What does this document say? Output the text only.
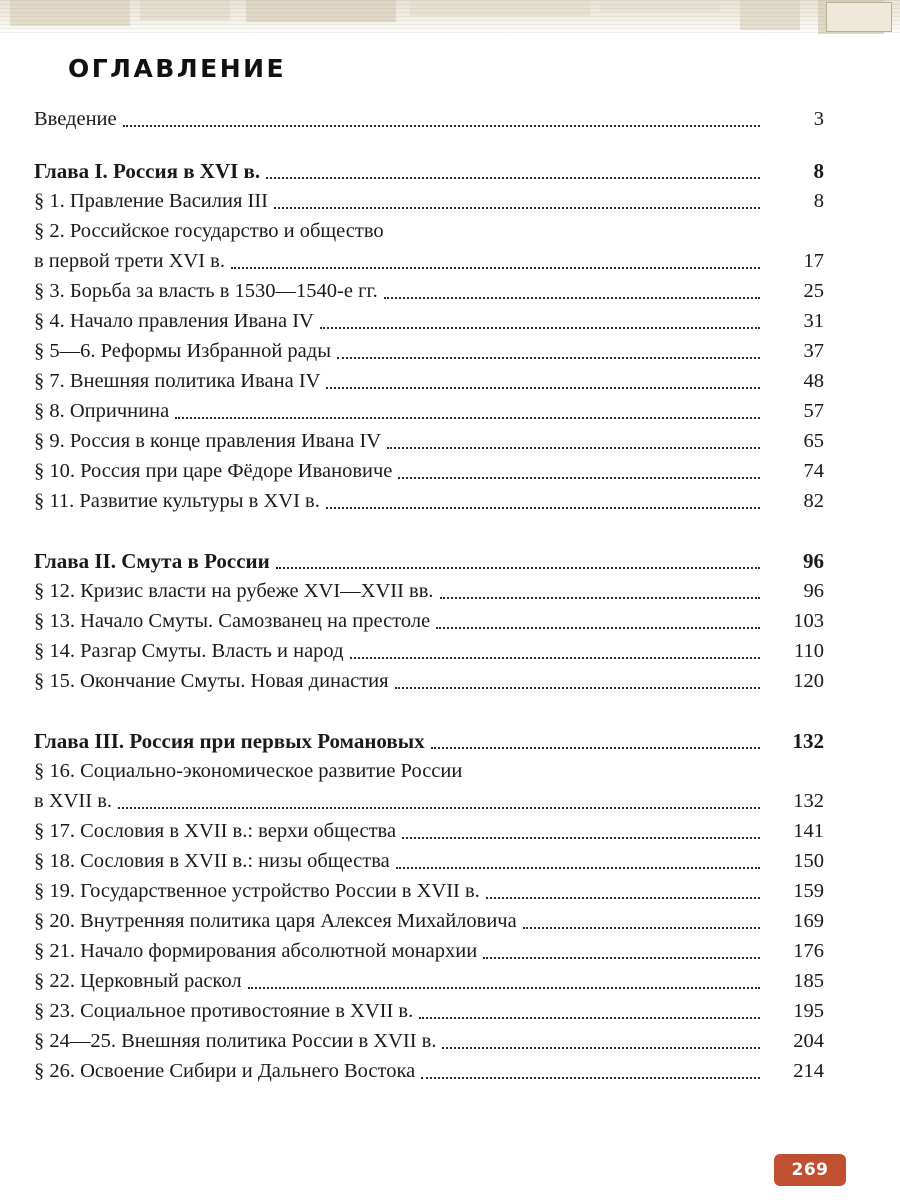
ОГЛАВЛЕНИЕ
Введение	3
Глава I. Россия в XVI в.	8
§ 1. Правление Василия III	8
§ 2. Российское государство и общество
в первой трети XVI в.	17
§ 3. Борьба за власть в 1530—1540-е гг.	25
§ 4. Начало правления Ивана IV	31
§ 5—6. Реформы Избранной рады	37
§ 7. Внешняя политика Ивана IV	48
§ 8. Опричнина	57
§ 9. Россия в конце правления Ивана IV	65
§ 10. Россия при царе Фёдоре Ивановиче	74
§ 11. Развитие культуры в XVI в.	82
Глава II. Смута в России	96
§ 12. Кризис власти на рубеже XVI—XVII вв.	96
§ 13. Начало Смуты. Самозванец на престоле	103
§ 14. Разгар Смуты. Власть и народ	110
§ 15. Окончание Смуты. Новая династия	120
Глава III. Россия при первых Романовых	132
§ 16. Социально-экономическое развитие России
в XVII в.	132
§ 17. Сословия в XVII в.: верхи общества	141
§ 18. Сословия в XVII в.: низы общества	150
§ 19. Государственное устройство России в XVII в.	159
§ 20. Внутренняя политика царя Алексея Михайловича	169
§ 21. Начало формирования абсолютной монархии	176
§ 22. Церковный раскол	185
§ 23. Социальное противостояние в XVII в.	195
§ 24—25. Внешняя политика России в XVII в.	204
§ 26. Освоение Сибири и Дальнего Востока	214
269
